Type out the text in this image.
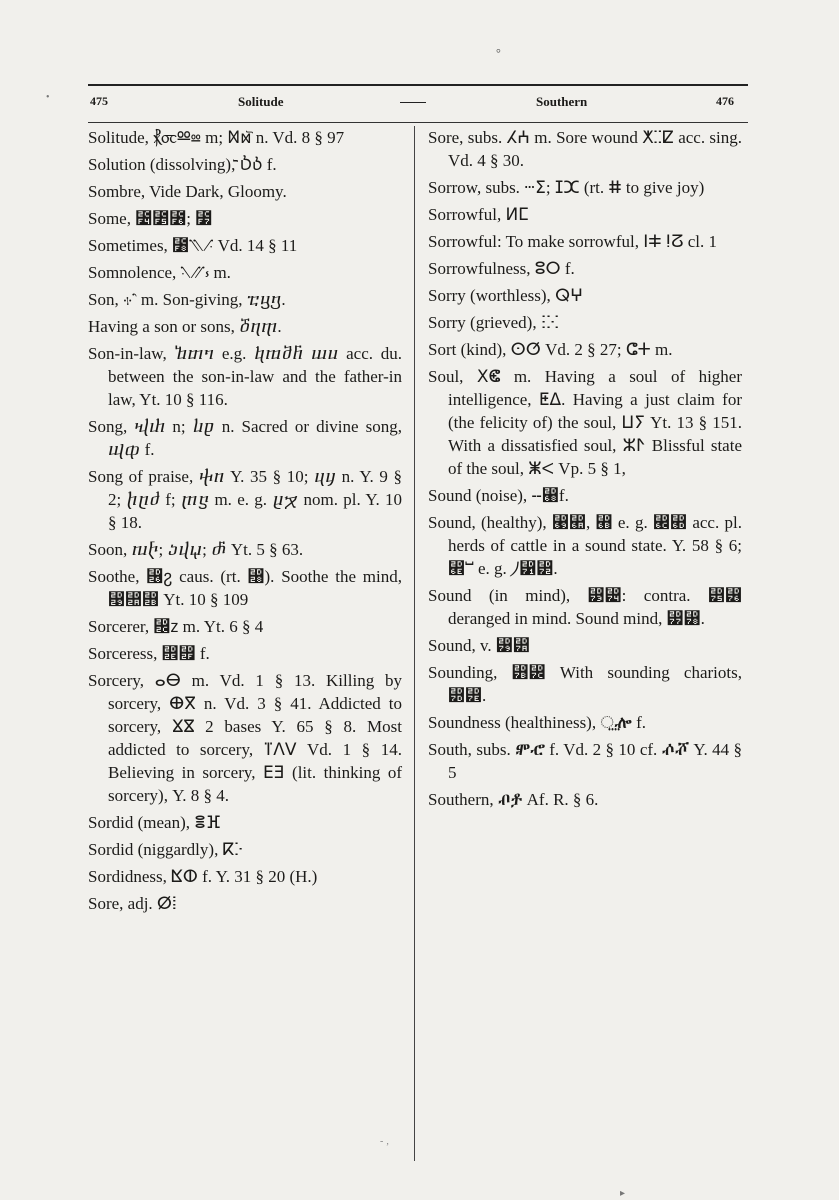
°
•	475	Solitude	Southern	476
Solitude, ⳩⳪Ⳬⳬ m; Ⳮⳮ⳯ n. Vd. 8 § 97
Solution (dissolving), ⳰⳱Ⳳⳳ f.
Sombre, Vide Dark, Gloomy.
Some, ⳴⳵⳶; ⳷
Sometimes, ⳸⳹⳺ Vd. 14 § 11
Somnolence, ⳻⳼⳽ m.
Son, ⳾⳿ m. Son-giving, ⴀⴁⴂ.
Having a son or sons, ⴃⴄⴅ.
Son-in-law, ⴆⴇⴈ e.g. ⴉⴊⴋⴌ ⴍⴎ acc. du. between the son-in-law and the father-in law, Yt. 10 § 116.
Song, ⴏⴐ n; ⴑⴒ n. Sacred or divine song, ⴓⴔ f.
Song of praise, ⴕⴖ Y. 35 § 10; ⴗⴘ n. Y. 9 § 2; ⴙⴚⴛ f; ⴜⴝ m. e. g. ⴞⴟ nom. pl. Y. 10 § 18.
Soon, ⴠⴡ; ⴢⴣⴤ; ⴥ Yt. 5 § 63.
Soothe, ⴦ⴧ caus. (rt. ⴨). Soothe the mind, ⴩⴪⴫ Yt. 10 § 109
Sorcerer, ⴬ⴭ m. Yt. 6 § 4
Sorceress, ⴮⴯ f.
Sorcery, ⴰⴱ m. Vd. 1 § 13. Killing by sorcery, ⴲⴳ n. Vd. 3 § 41. Addicted to sorcery, ⴴⴵ 2 bases Y. 65 § 8. Most addicted to sorcery, ⴶⴷⴸ Vd. 1 § 14. Believing in sorcery, ⴹⴺ (lit. thinking of sorcery), Y. 8 § 4.
Sordid (mean), ⴻⴼ
Sordid (niggardly), ⴽⴾ
Sordidness, ⴿⵀ f. Y. 31 § 20 (H.)
Sore, adj. ⵁⵂ
Sore, subs. ⵃⵄ m. Sore wound ⵅⵆⵇ acc. sing. Vd. 4 § 30.
Sorrow, subs. ⵈⵉ; ⵊⵋ (rt. ⵌ to give joy)
Sorrowful, ⵍⵎ
Sorrowful: To make sorrowful, ⵏⵐ ⵑⵒ cl. 1
Sorrowfulness, ⵓⵔ f.
Sorry (worthless), ⵕⵖ
Sorry (grieved), ⵗⵘ
Sort (kind), ⵙⵚ Vd. 2 § 27; ⵛⵜ m.
Soul, ⵝⵞ m. Having a soul of higher intelligence, ⵟⵠ. Having a just claim for (the felicity of) the soul, ⵡⵢ Yt. 13 § 151. With a dissatisfied soul, ⵣⵤ Blissful state of the soul, ⵥⵦ Vp. 5 § 1,
Sound (noise), ⵧ⵨f.
Sound, (healthy), ⵩⵪, ⵫ e. g. ⵬⵭ acc. pl. herds of cattle in a sound state. Y. 58 § 6; ⵮ⵯ e. g. ⵰⵱⵲.
Sound (in mind), ⵳⵴: contra. ⵵⵶ deranged in mind. Sound mind, ⵷⵸.
Sound, v. ⵹⵺
Sounding, ⵻⵼ With sounding chariots, ⵽⵾.
Soundness (healthiness), ⵿ⶀ f.
South, subs. ⶁⶂ f. Vd. 2 § 10 cf. ⶃⶄ Y. 44 § 5
Southern, ⶅⶆ Af. R. § 6.
- ‚
▸
